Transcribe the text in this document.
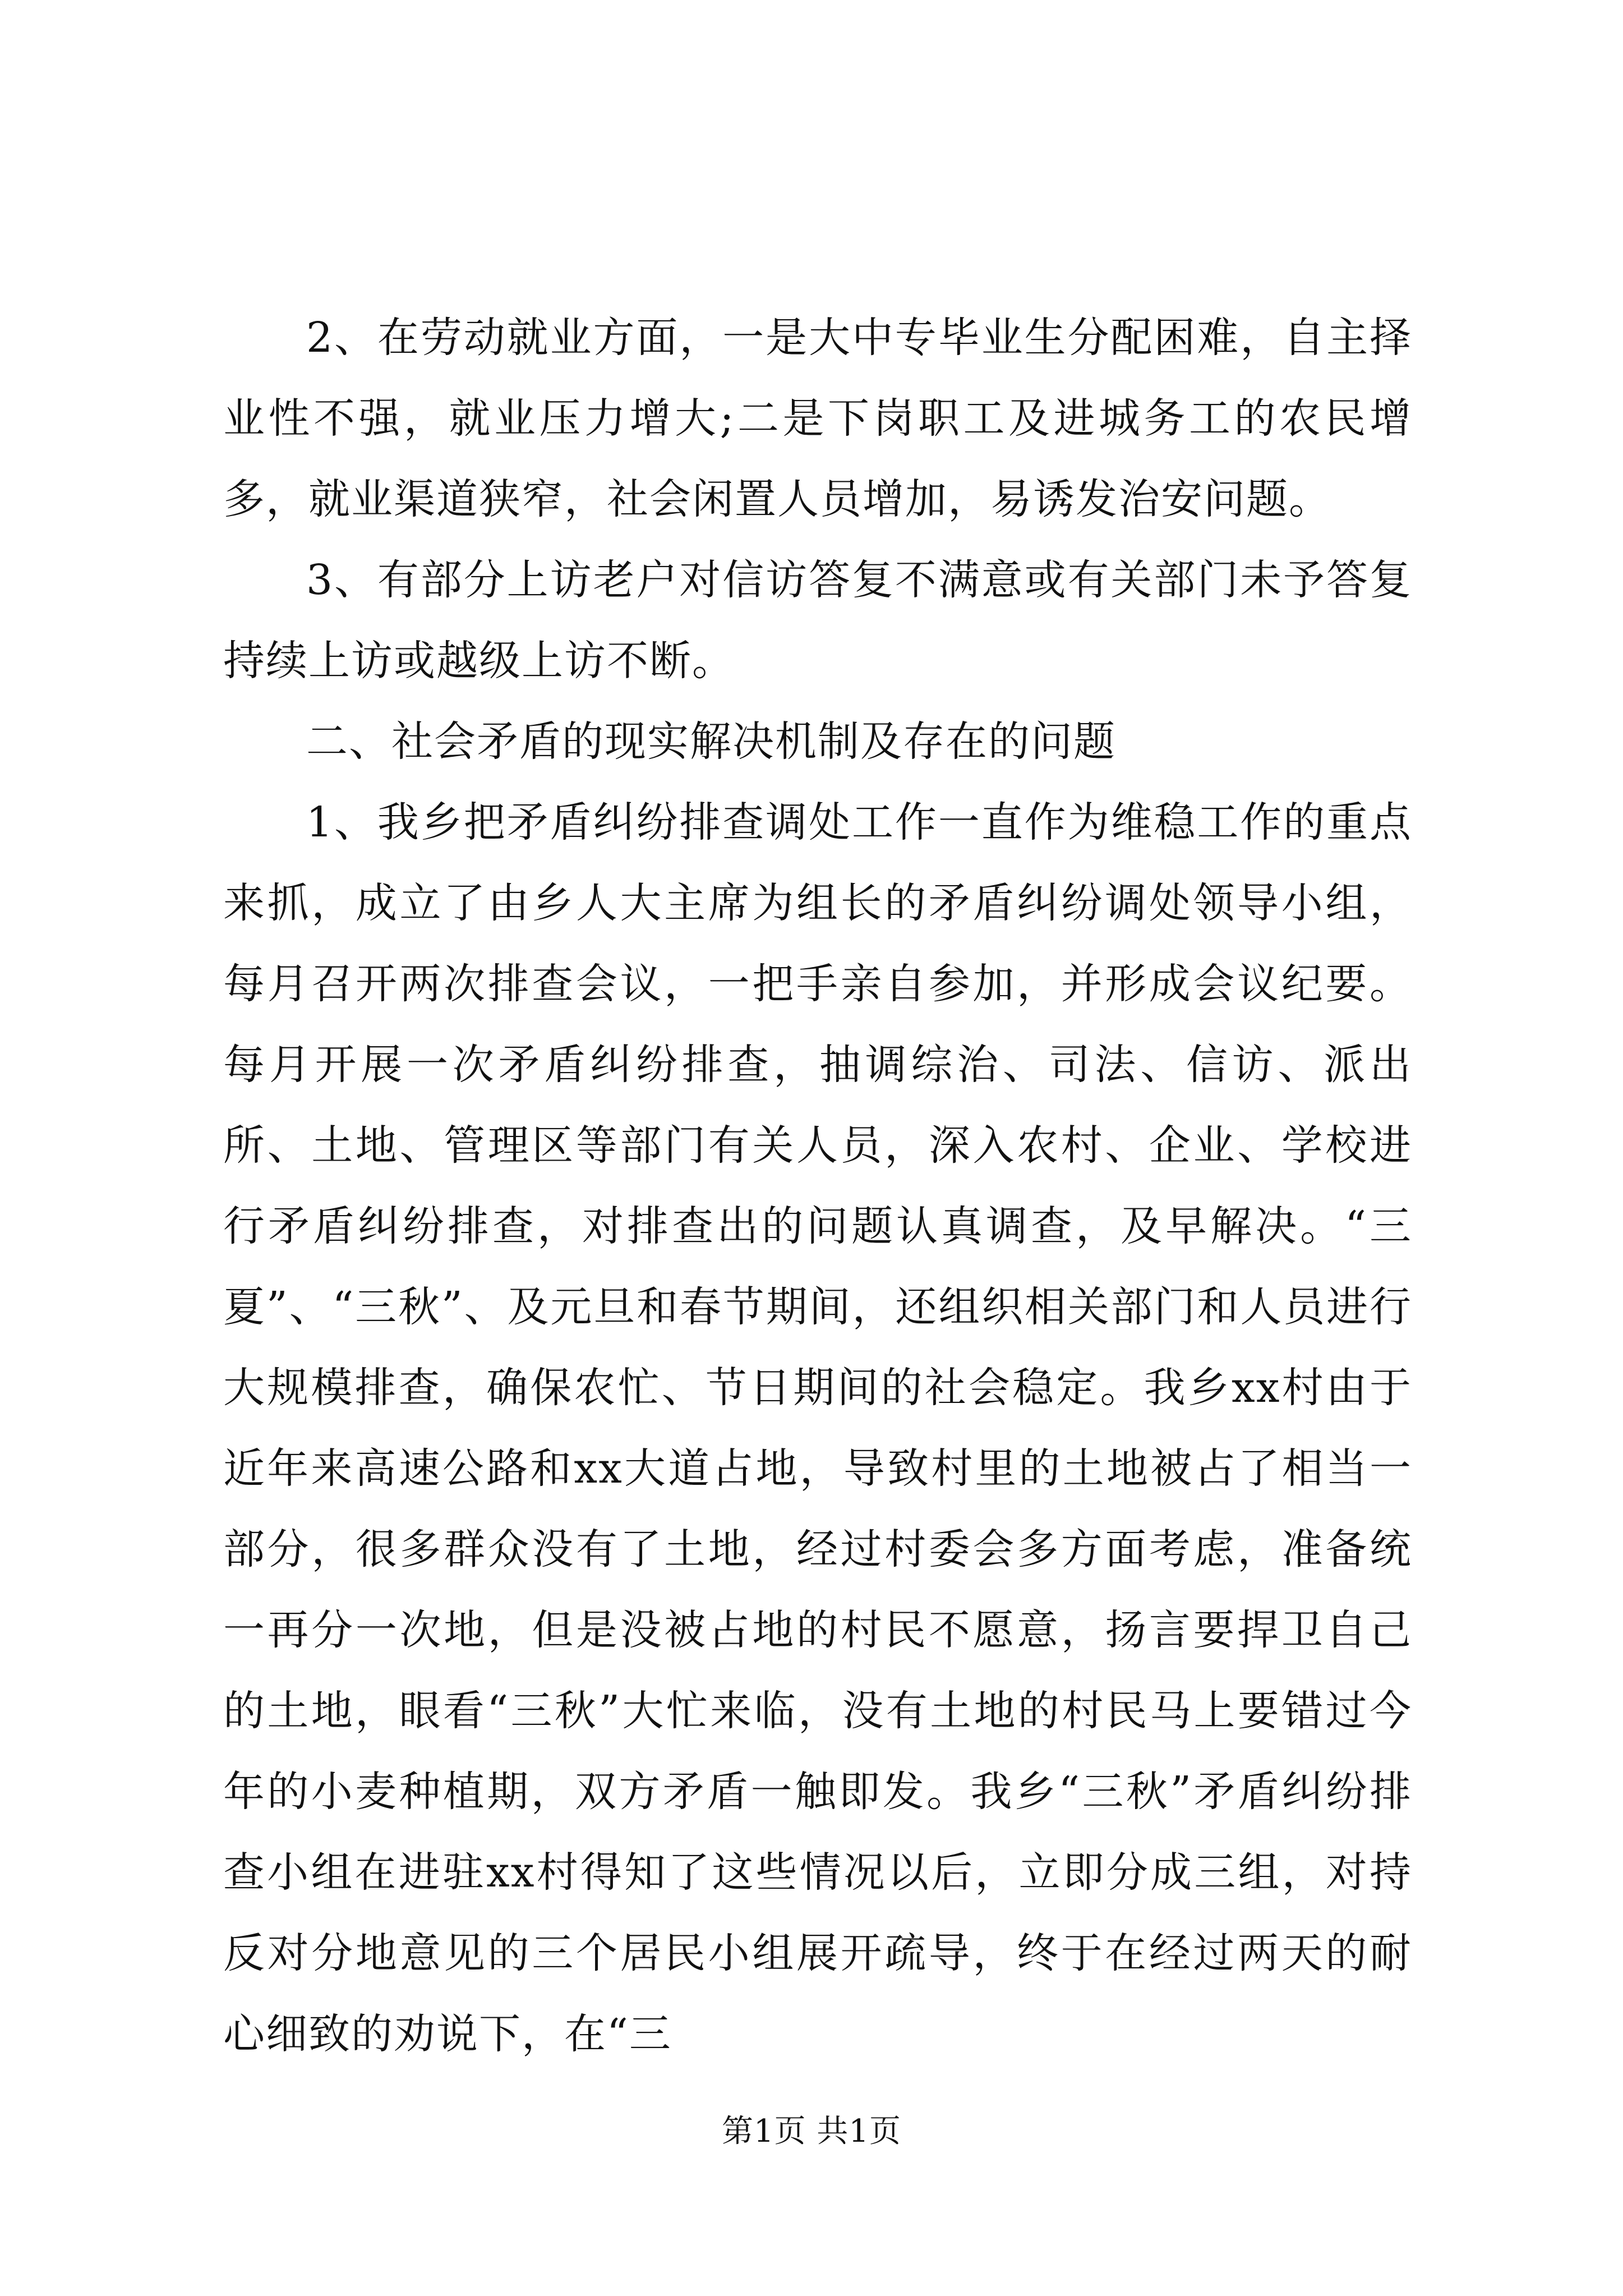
2、在劳动就业方面，一是大中专毕业生分配困难，自主择业性不强，就业压力增大;二是下岗职工及进城务工的农民增多，就业渠道狭窄，社会闲置人员增加，易诱发治安问题。

3、有部分上访老户对信访答复不满意或有关部门未予答复持续上访或越级上访不断。

二、社会矛盾的现实解决机制及存在的问题

1、我乡把矛盾纠纷排查调处工作一直作为维稳工作的重点来抓，成立了由乡人大主席为组长的矛盾纠纷调处领导小组，每月召开两次排查会议，一把手亲自参加，并形成会议纪要。每月开展一次矛盾纠纷排查，抽调综治、司法、信访、派出所、土地、管理区等部门有关人员，深入农村、企业、学校进行矛盾纠纷排查，对排查出的问题认真调查，及早解决。“三夏”、“三秋”、及元旦和春节期间，还组织相关部门和人员进行大规模排查，确保农忙、节日期间的社会稳定。我乡xx村由于近年来高速公路和xx大道占地，导致村里的土地被占了相当一部分，很多群众没有了土地，经过村委会多方面考虑，准备统一再分一次地，但是没被占地的村民不愿意，扬言要捍卫自己的土地，眼看“三秋”大忙来临，没有土地的村民马上要错过今年的小麦种植期，双方矛盾一触即发。我乡“三秋”矛盾纠纷排查小组在进驻xx村得知了这些情况以后，立即分成三组，对持反对分地意见的三个居民小组展开疏导，终于在经过两天的耐心细致的劝说下，在“三

第1页 共1页
